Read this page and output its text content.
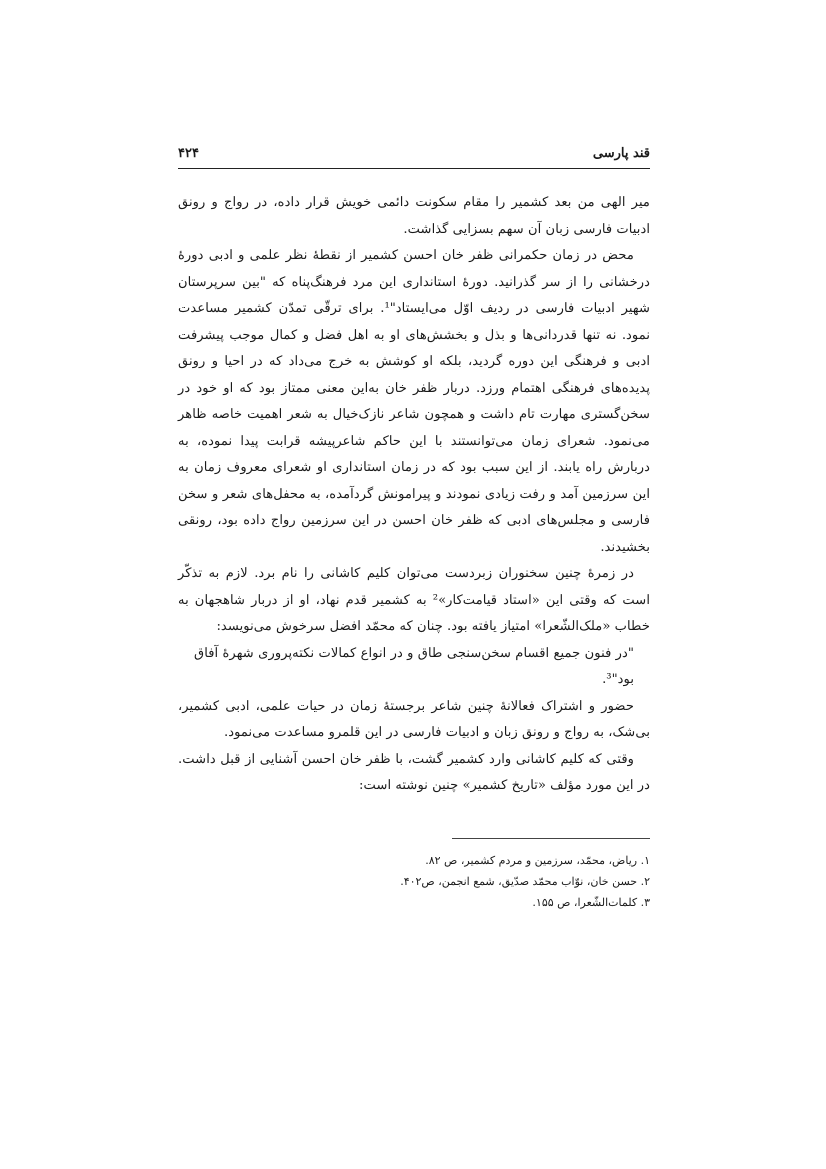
قند پارسی
۴۲۴

میر الهی من بعد کشمیر را مقام سکونت دائمی خویش قرار داده، در رواج و رونق ادبیات فارسی زبان آن سهم بسزایی گذاشت.

محض در زمان حکمرانی ظفر خان احسن کشمیر از نقطهٔ نظر علمی و ادبی دورهٔ درخشانی را از سر گذرانید. دورهٔ استانداری این مرد فرهنگ‌پناه که "بین سرپرستان شهیر ادبیات فارسی در ردیف اوّل می‌ایستاد"¹. برای ترقّی تمدّن کشمیر مساعدت نمود. نه تنها قدردانی‌ها و بذل و بخشش‌های او به اهل فضل و کمال موجب پیشرفت ادبی و فرهنگی این دوره گردید، بلکه او کوشش به خرج می‌داد که در احیا و رونق پدیده‌های فرهنگی اهتمام ورزد. دربار ظفر خان به‌این معنی ممتاز بود که او خود در سخن‌گستری مهارت تام داشت و همچون شاعر نازک‌خیال به شعر اهمیت خاصه ظاهر می‌نمود. شعرای زمان می‌توانستند با این حاکم شاعرپیشه قرابت پیدا نموده، به دربارش راه یابند. از این سبب بود که در زمان استانداری او شعرای معروف زمان به این سرزمین آمد و رفت زیادی نمودند و پیرامونش گردآمده، به محفل‌های شعر و سخن فارسی و مجلس‌های ادبی که ظفر خان احسن در این سرزمین رواج داده بود، رونقی بخشیدند.

در زمرهٔ چنین سخنوران زبردست می‌توان کلیم کاشانی را نام برد. لازم به تذکّر است که وقتی این «استاد قیامت‌کار»² به کشمیر قدم نهاد، او از دربار شاهجهان به خطاب «ملک‌الشّعرا» امتیاز یافته بود. چنان که محمّد افضل سرخوش می‌نویسد:

"در فنون جمیع اقسام سخن‌سنجی طاق و در انواع کمالات نکته‌پروری شهرهٔ آفاق بود"³.

حضور و اشتراک فعالانهٔ چنین شاعر برجستهٔ زمان در حیات علمی، ادبی کشمیر، بی‌شک، به رواج و رونق زبان و ادبیات فارسی در این قلمرو مساعدت می‌نمود.

وقتی که کلیم کاشانی وارد کشمیر گشت، با ظفر خان احسن آشنایی از قبل داشت. در این مورد مؤلف «تاریخ کشمیر» چنین نوشته است:

۱. ریاض، محمّد، سرزمین و مردم کشمیر، ص ۸۲.

۲. حسن خان، نوّاب محمّد صدّیق، شمع انجمن، ص۴۰۲.

۳. کلمات‌الشّعرا، ص ۱۵۵.
